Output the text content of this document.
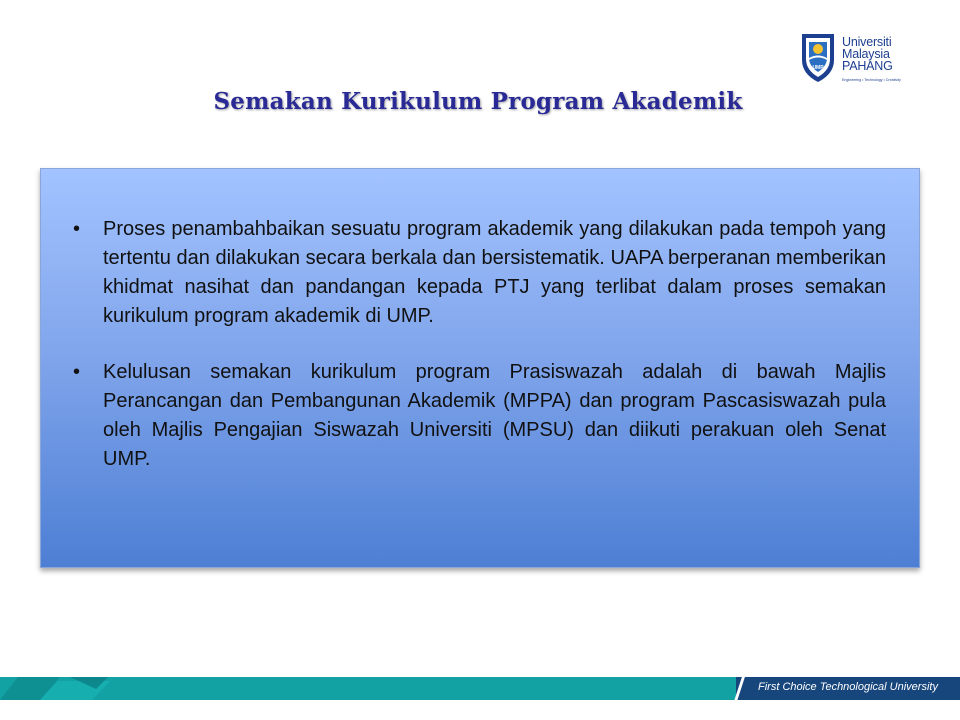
UMP
Universiti
Malaysia
PAHANG
Engineering • Technology • Creativity
Semakan Kurikulum Program Akademik
• Proses penambahbaikan sesuatu program akademik yang dilakukan pada tempoh yang tertentu dan dilakukan secara berkala dan bersistematik. UAPA berperanan memberikan khidmat nasihat dan pandangan kepada PTJ yang terlibat dalam proses semakan kurikulum program akademik di UMP.
• Kelulusan semakan kurikulum program Prasiswazah adalah di bawah Majlis Perancangan dan Pembangunan Akademik (MPPA) dan program Pascasiswazah pula oleh Majlis Pengajian Siswazah Universiti (MPSU) dan diikuti perakuan oleh Senat UMP.
First Choice Technological University
